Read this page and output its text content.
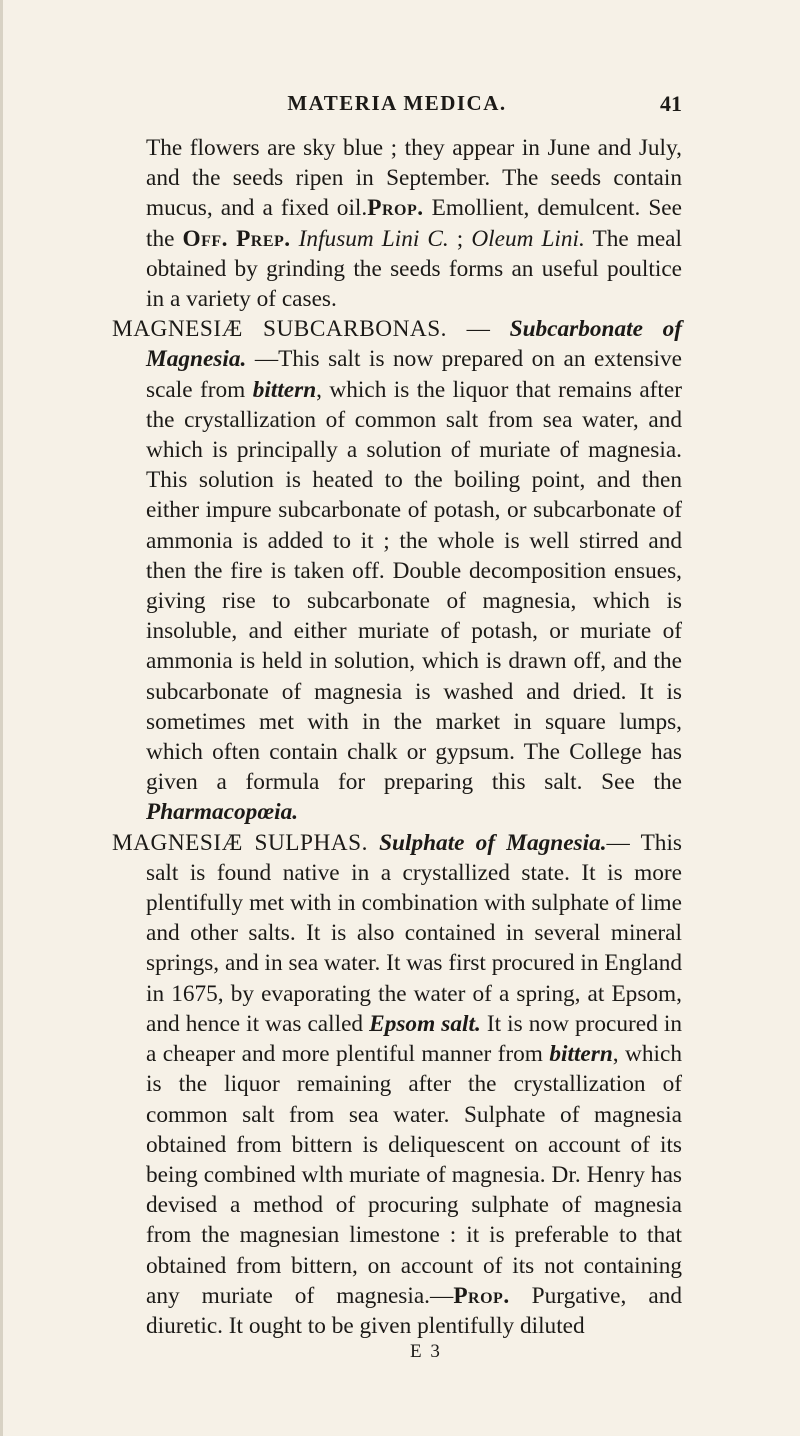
MATERIA MEDICA.	41

The flowers are sky blue ; they appear in June and July, and the seeds ripen in September. The seeds contain mucus, and a fixed oil.Prop. Emollient, demulcent. See the Off. Prep. Infusum Lini C. ; Oleum Lini. The meal obtained by grinding the seeds forms an useful poultice in a variety of cases.

MAGNESIÆ SUBCARBONAS. — Subcarbonate of Magnesia. —This salt is now prepared on an extensive scale from bittern, which is the liquor that remains after the crystallization of common salt from sea water, and which is principally a solution of muriate of magnesia. This solution is heated to the boiling point, and then either impure subcarbonate of potash, or subcarbonate of ammonia is added to it ; the whole is well stirred and then the fire is taken off. Double decomposition ensues, giving rise to subcarbonate of magnesia, which is insoluble, and either muriate of potash, or muriate of ammonia is held in solution, which is drawn off, and the subcarbonate of magnesia is washed and dried. It is sometimes met with in the market in square lumps, which often contain chalk or gypsum. The College has given a formula for preparing this salt. See the Pharmacopœia.

MAGNESIÆ SULPHAS. Sulphate of Magnesia.— This salt is found native in a crystallized state. It is more plentifully met with in combination with sulphate of lime and other salts. It is also contained in several mineral springs, and in sea water. It was first procured in England in 1675, by evaporating the water of a spring, at Epsom, and hence it was called Epsom salt. It is now procured in a cheaper and more plentiful manner from bittern, which is the liquor remaining after the crystallization of common salt from sea water. Sulphate of magnesia obtained from bittern is deliquescent on account of its being combined wlth muriate of magnesia. Dr. Henry has devised a method of procuring sulphate of magnesia from the magnesian limestone : it is preferable to that obtained from bittern, on account of its not containing any muriate of magnesia.—Prop. Purgative, and diuretic. It ought to be given plentifully diluted

E 3
